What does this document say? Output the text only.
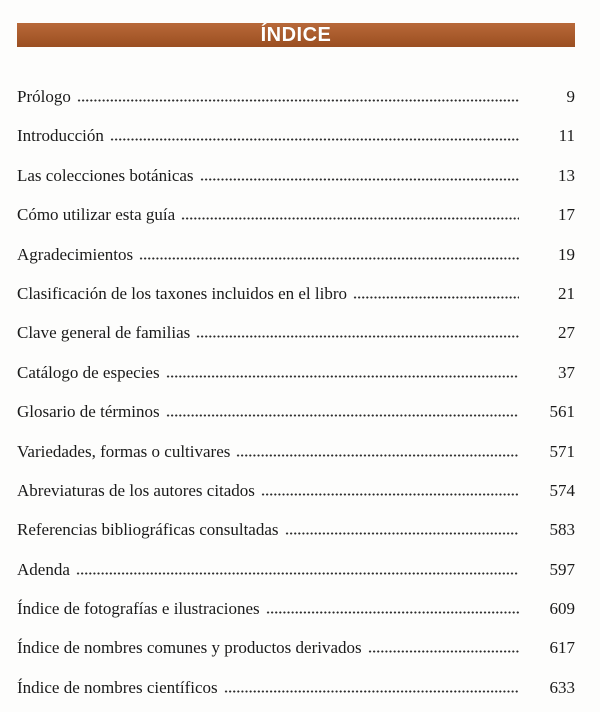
ÍNDICE
Prólogo	9
Introducción	11
Las colecciones botánicas	13
Cómo utilizar esta guía	17
Agradecimientos	19
Clasificación de los taxones incluidos en el libro	21
Clave general de familias	27
Catálogo de especies	37
Glosario de términos	561
Variedades, formas o cultivares	571
Abreviaturas de los autores citados	574
Referencias bibliográficas consultadas	583
Adenda	597
Índice de fotografías e ilustraciones	609
Índice de nombres comunes y productos derivados	617
Índice de nombres científicos	633
